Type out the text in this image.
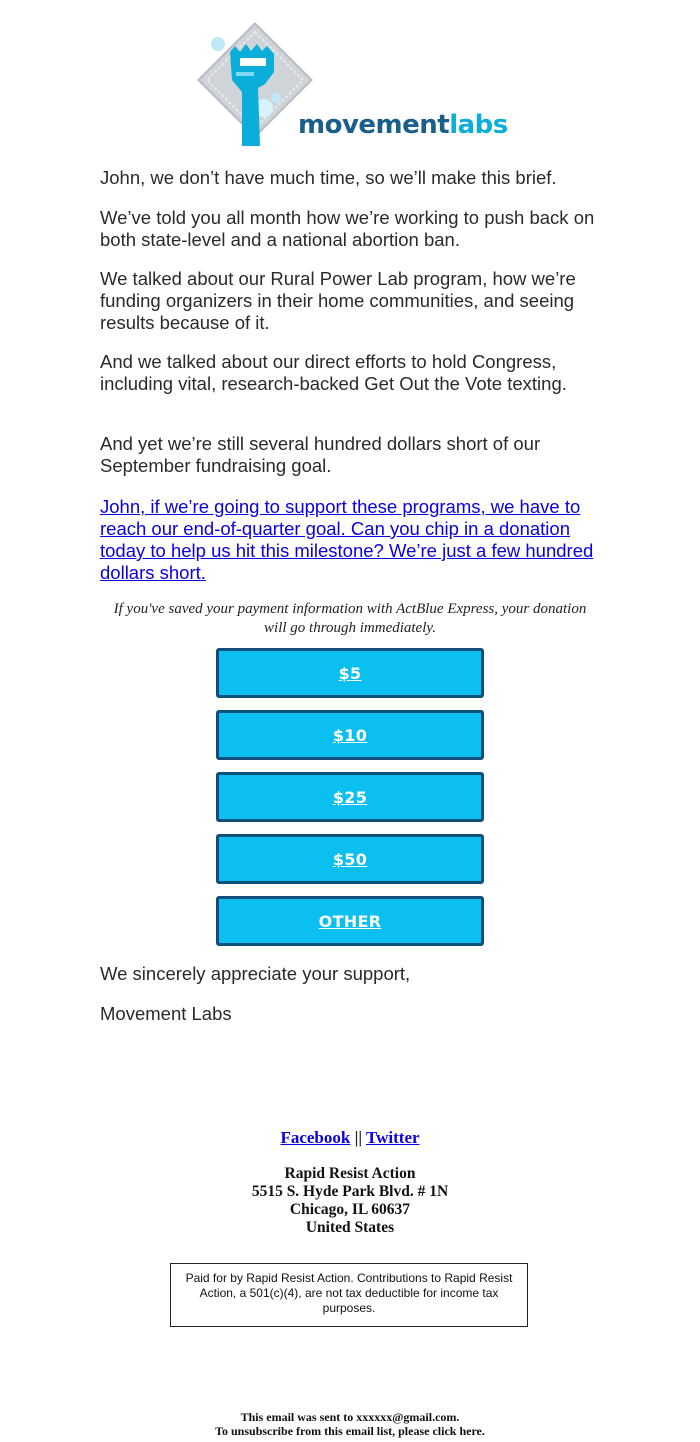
movementlabs

John, we don’t have much time, so we’ll make this brief.

We’ve told you all month how we’re working to push back on both state-level and a national abortion ban.

We talked about our Rural Power Lab program, how we’re funding organizers in their home communities, and seeing results because of it.

And we talked about our direct efforts to hold Congress, including vital, research-backed Get Out the Vote texting.

And yet we’re still several hundred dollars short of our September fundraising goal.

John, if we’re going to support these programs, we have to reach our end-of-quarter goal. Can you chip in a donation today to help us hit this milestone? We’re just a few hundred dollars short.
If you've saved your payment information with ActBlue Express, your donation will go through immediately.
$5
$10
$25
$50
OTHER

We sincerely appreciate your support,

Movement Labs

Facebook || Twitter
Rapid Resist Action
5515 S. Hyde Park Blvd. # 1N
Chicago, IL 60637
United States
Paid for by Rapid Resist Action. Contributions to Rapid Resist Action, a 501(c)(4), are not tax deductible for income tax purposes.
This email was sent to xxxxxx@gmail.com.
To unsubscribe from this email list, please click here.
